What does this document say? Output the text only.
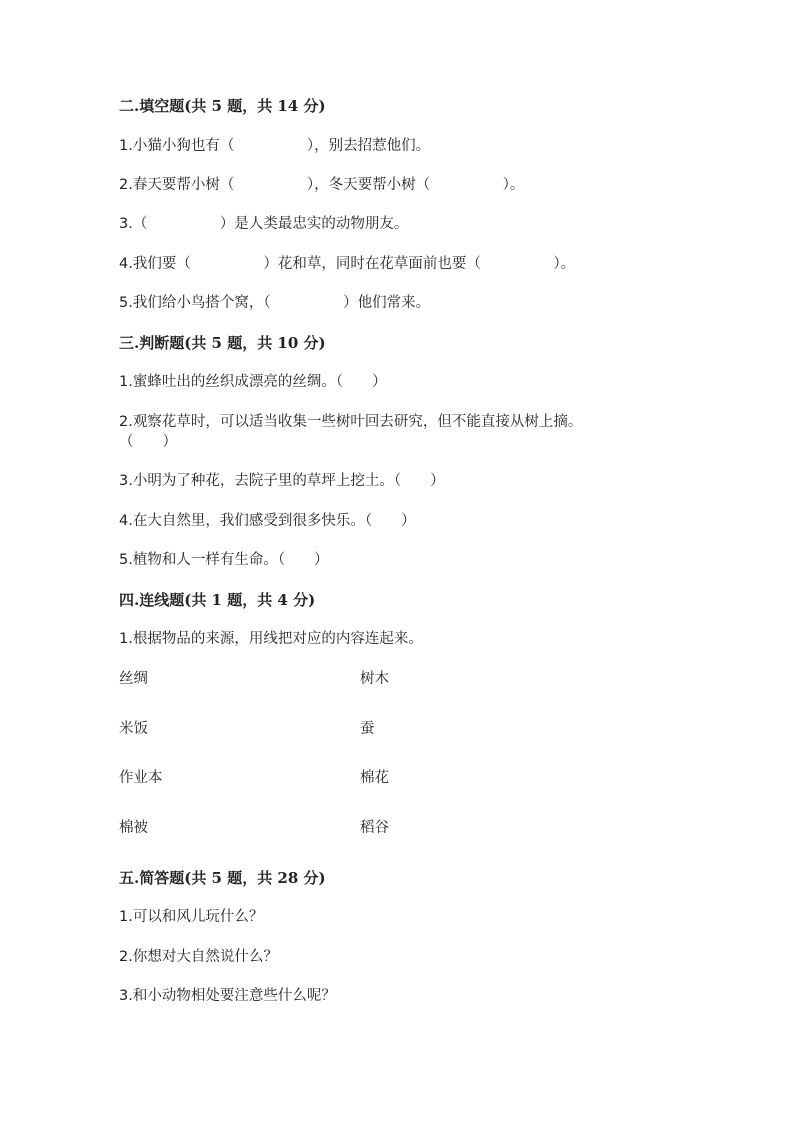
二.填空题(共 5 题，共 14 分)
1.小猫小狗也有（　　　　　），别去招惹他们。
2.春天要帮小树（　　　　　），冬天要帮小树（　　　　　）。
3.（　　　　　）是人类最忠实的动物朋友。
4.我们要（　　　　　）花和草，同时在花草面前也要（　　　　　）。
5.我们给小鸟搭个窝，（　　　　　）他们常来。
三.判断题(共 5 题，共 10 分)
1.蜜蜂吐出的丝织成漂亮的丝绸。（　　）
2.观察花草时，可以适当收集一些树叶回去研究，但不能直接从树上摘。
（　　）
3.小明为了种花，去院子里的草坪上挖土。（　　）
4.在大自然里，我们感受到很多快乐。（　　）
5.植物和人一样有生命。（　　）
四.连线题(共 1 题，共 4 分)
1.根据物品的来源，用线把对应的内容连起来。
丝绸	树木
米饭	蚕
作业本	棉花
棉被	稻谷
五.简答题(共 5 题，共 28 分)
1.可以和风儿玩什么？
2.你想对大自然说什么？
3.和小动物相处要注意些什么呢？
